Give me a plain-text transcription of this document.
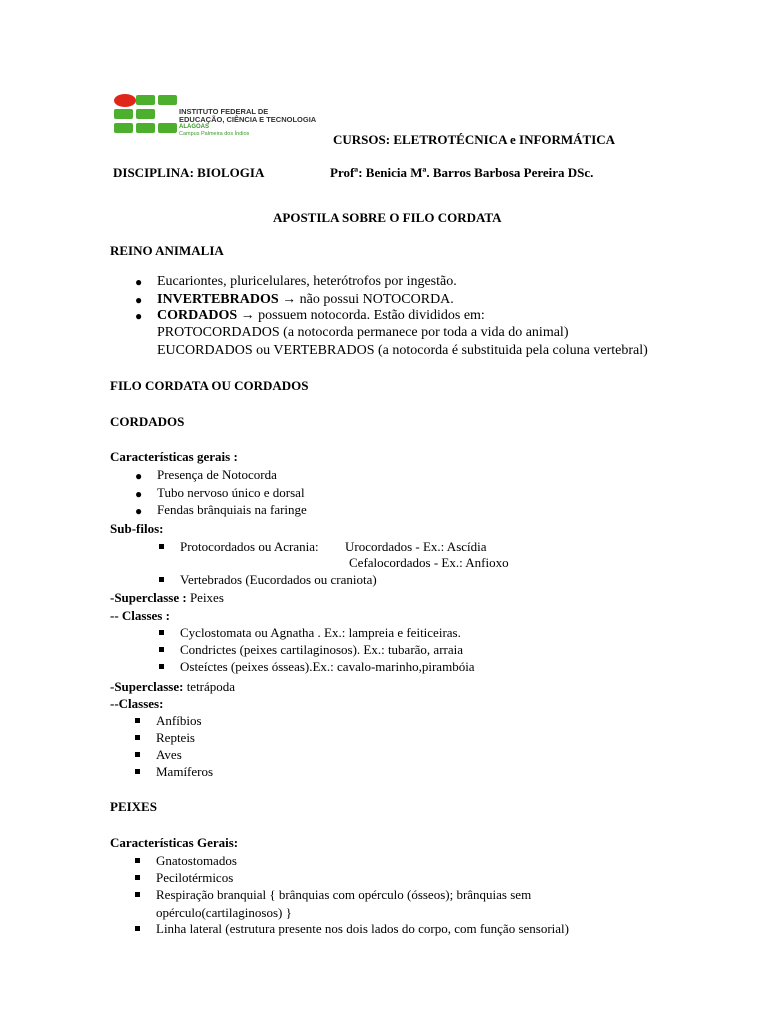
INSTITUTO FEDERAL DE
EDUCAÇÃO, CIÊNCIA E TECNOLOGIA
ALAGOAS
Campus Palmeira dos Índios	CURSOS: ELETROTÉCNICA e INFORMÁTICA
DISCIPLINA: BIOLOGIA	Profª: Benicia Mª. Barros Barbosa Pereira DSc.
APOSTILA SOBRE O FILO CORDATA
REINO ANIMALIA
● Eucariontes, pluricelulares, heterótrofos por ingestão.
● INVERTEBRADOS → não possui NOTOCORDA.
● CORDADOS → possuem notocorda. Estão divididos em:
PROTOCORDADOS (a notocorda permanece por toda a vida do animal)
EUCORDADOS ou VERTEBRADOS (a notocorda é substituida pela coluna vertebral)
FILO CORDATA OU CORDADOS
CORDADOS
Características gerais :
● Presença de Notocorda
● Tubo nervoso único e dorsal
● Fendas brânquiais na faringe
Sub-filos:
Protocordados ou Acrania: Urocordados - Ex.: Ascídia
Cefalocordados - Ex.: Anfioxo
Vertebrados (Eucordados ou craniota)
-Superclasse : Peixes
-- Classes :
Cyclostomata ou Agnatha . Ex.: lampreia e feiticeiras.
Condrictes (peixes cartilaginosos). Ex.: tubarão, arraia
Osteíctes (peixes ósseas).Ex.: cavalo-marinho,pirambóia
-Superclasse: tetrápoda
--Classes:
Anfíbios
Repteis
Aves
Mamíferos
PEIXES
Características Gerais:
Gnatostomados
Pecilotérmicos
Respiração branquial { brânquias com opérculo (ósseos); brânquias sem
opérculo(cartilaginosos) }
Linha lateral (estrutura presente nos dois lados do corpo, com função sensorial)
